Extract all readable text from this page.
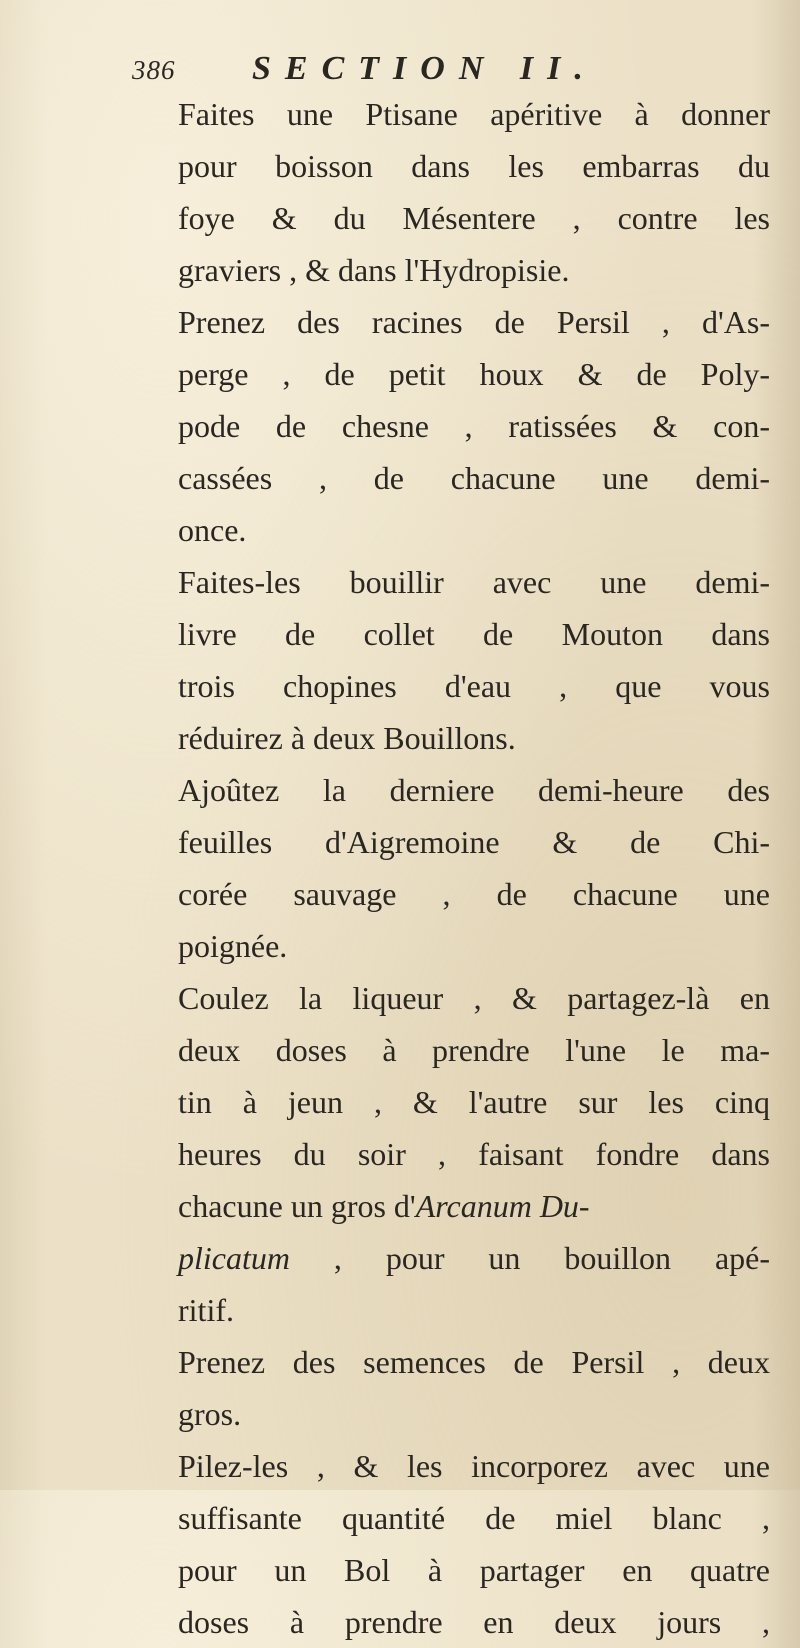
386	SECTION II.

Faites une Ptisane apéritive à donner
pour boisson dans les embarras du
foye & du Mésentere , contre les
graviers , & dans l'Hydropisie.

Prenez des racines de Persil , d'As-
perge , de petit houx & de Poly-
pode de chesne , ratissées & con-
cassées , de chacune une demi-
once.

Faites-les bouillir avec une demi-
livre de collet de Mouton dans
trois chopines d'eau , que vous
réduirez à deux Bouillons.

Ajoûtez la derniere demi-heure des
feuilles d'Aigremoine & de Chi-
corée sauvage , de chacune une
poignée.

Coulez la liqueur , & partagez-là en
deux doses à prendre l'une le ma-
tin à jeun , & l'autre sur les cinq
heures du soir , faisant fondre dans
chacune un gros d'Arcanum Du-
plicatum , pour un bouillon apé-
ritif.

Prenez des semences de Persil , deux
gros.

Pilez-les , & les incorporez avec une
suffisante quantité de miel blanc ,
pour un Bol à partager en quatre
doses à prendre en deux jours ,
